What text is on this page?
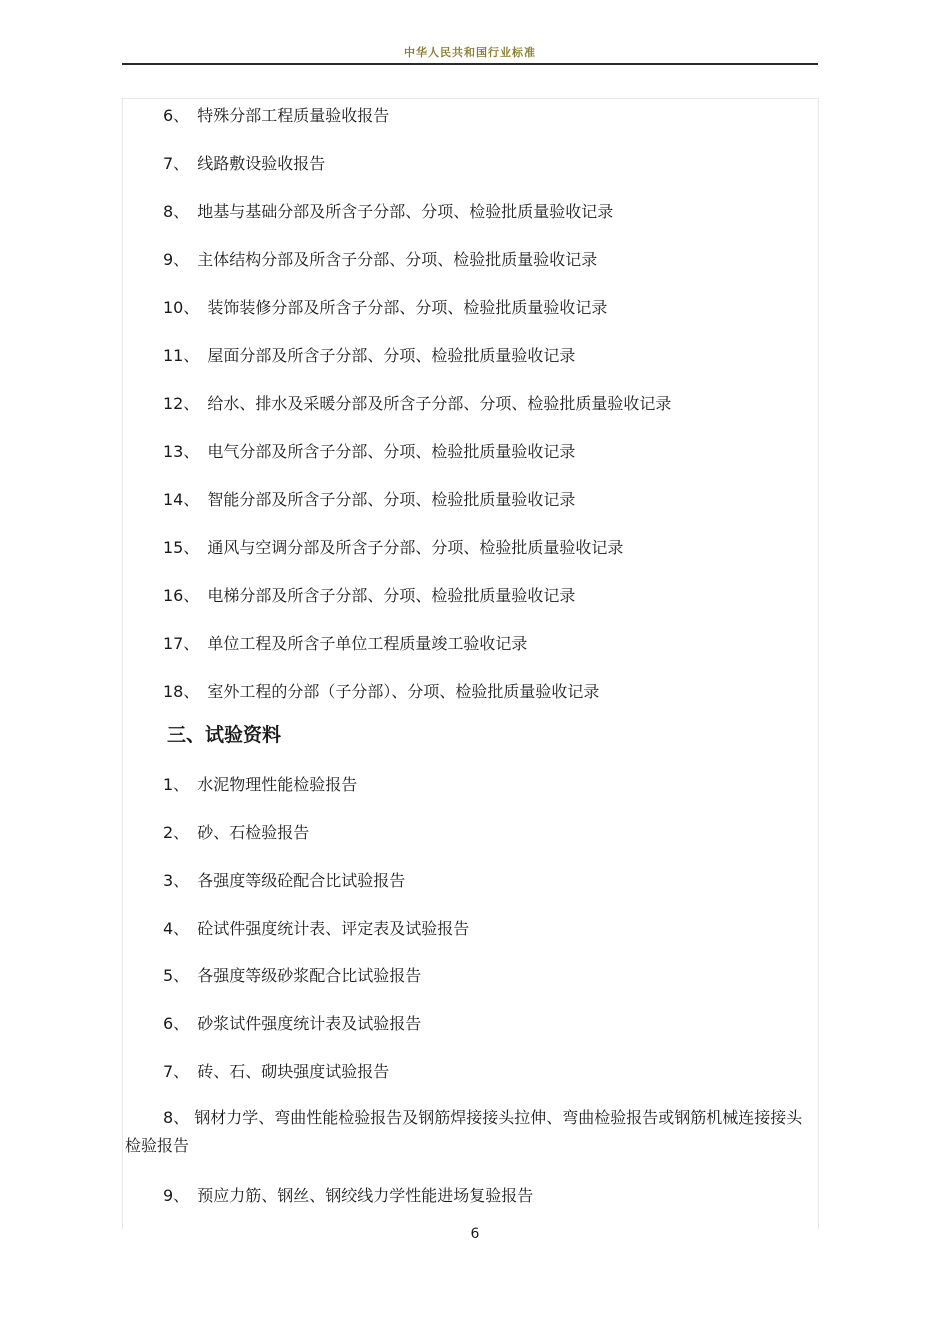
中华人民共和国行业标准
6、 特殊分部工程质量验收报告
7、 线路敷设验收报告
8、 地基与基础分部及所含子分部、分项、检验批质量验收记录
9、 主体结构分部及所含子分部、分项、检验批质量验收记录
10、 装饰装修分部及所含子分部、分项、检验批质量验收记录
11、 屋面分部及所含子分部、分项、检验批质量验收记录
12、 给水、排水及采暖分部及所含子分部、分项、检验批质量验收记录
13、 电气分部及所含子分部、分项、检验批质量验收记录
14、 智能分部及所含子分部、分项、检验批质量验收记录
15、 通风与空调分部及所含子分部、分项、检验批质量验收记录
16、 电梯分部及所含子分部、分项、检验批质量验收记录
17、 单位工程及所含子单位工程质量竣工验收记录
18、 室外工程的分部（子分部）、分项、检验批质量验收记录
三、试验资料
1、 水泥物理性能检验报告
2、 砂、石检验报告
3、 各强度等级砼配合比试验报告
4、 砼试件强度统计表、评定表及试验报告
5、 各强度等级砂浆配合比试验报告
6、 砂浆试件强度统计表及试验报告
7、 砖、石、砌块强度试验报告
8、 钢材力学、弯曲性能检验报告及钢筋焊接接头拉伸、弯曲检验报告或钢筋机械连接接头检验报告
9、 预应力筋、钢丝、钢绞线力学性能进场复验报告
6
